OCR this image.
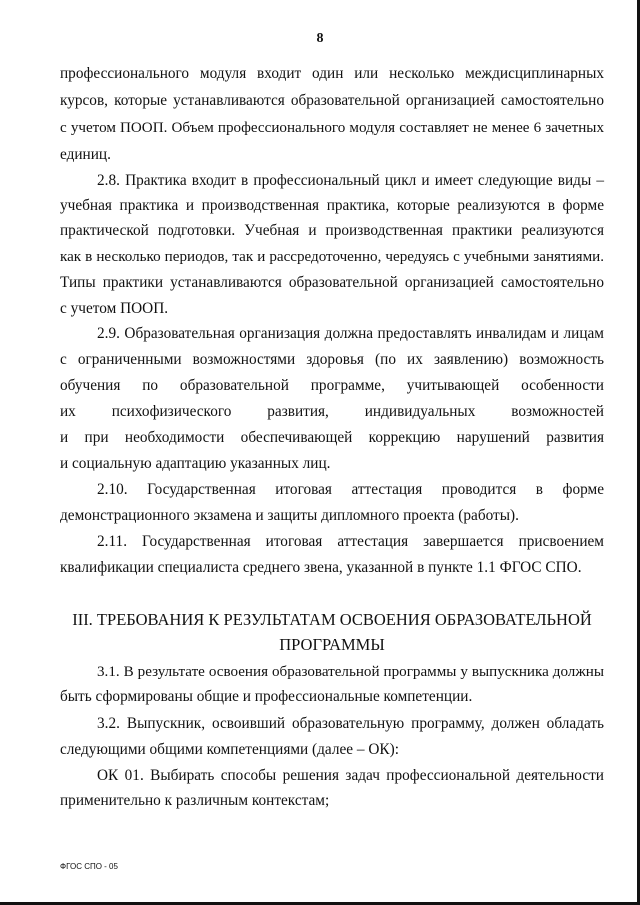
8
профессионального модуля входит один или несколько междисциплинарных
курсов, которые устанавливаются образовательной организацией самостоятельно
с учетом ПООП. Объем профессионального модуля составляет не менее 6 зачетных
единиц.
2.8. Практика входит в профессиональный цикл и имеет следующие виды –
учебная практика и производственная практика, которые реализуются в форме
практической подготовки. Учебная и производственная практики реализуются
как в несколько периодов, так и рассредоточенно, чередуясь с учебными занятиями.
Типы практики устанавливаются образовательной организацией самостоятельно
с учетом ПООП.
2.9. Образовательная организация должна предоставлять инвалидам и лицам
с ограниченными возможностями здоровья (по их заявлению) возможность
обучения по образовательной программе, учитывающей особенности
их психофизического развития, индивидуальных возможностей
и при необходимости обеспечивающей коррекцию нарушений развития
и социальную адаптацию указанных лиц.
2.10. Государственная итоговая аттестация проводится в форме
демонстрационного экзамена и защиты дипломного проекта (работы).
2.11. Государственная итоговая аттестация завершается присвоением
квалификации специалиста среднего звена, указанной в пункте 1.1 ФГОС СПО.
III. ТРЕБОВАНИЯ К РЕЗУЛЬТАТАМ ОСВОЕНИЯ ОБРАЗОВАТЕЛЬНОЙ
ПРОГРАММЫ
3.1. В результате освоения образовательной программы у выпускника должны
быть сформированы общие и профессиональные компетенции.
3.2. Выпускник, освоивший образовательную программу, должен обладать
следующими общими компетенциями (далее – ОК):
ОК 01. Выбирать способы решения задач профессиональной деятельности
применительно к различным контекстам;
ФГОС СПО - 05
